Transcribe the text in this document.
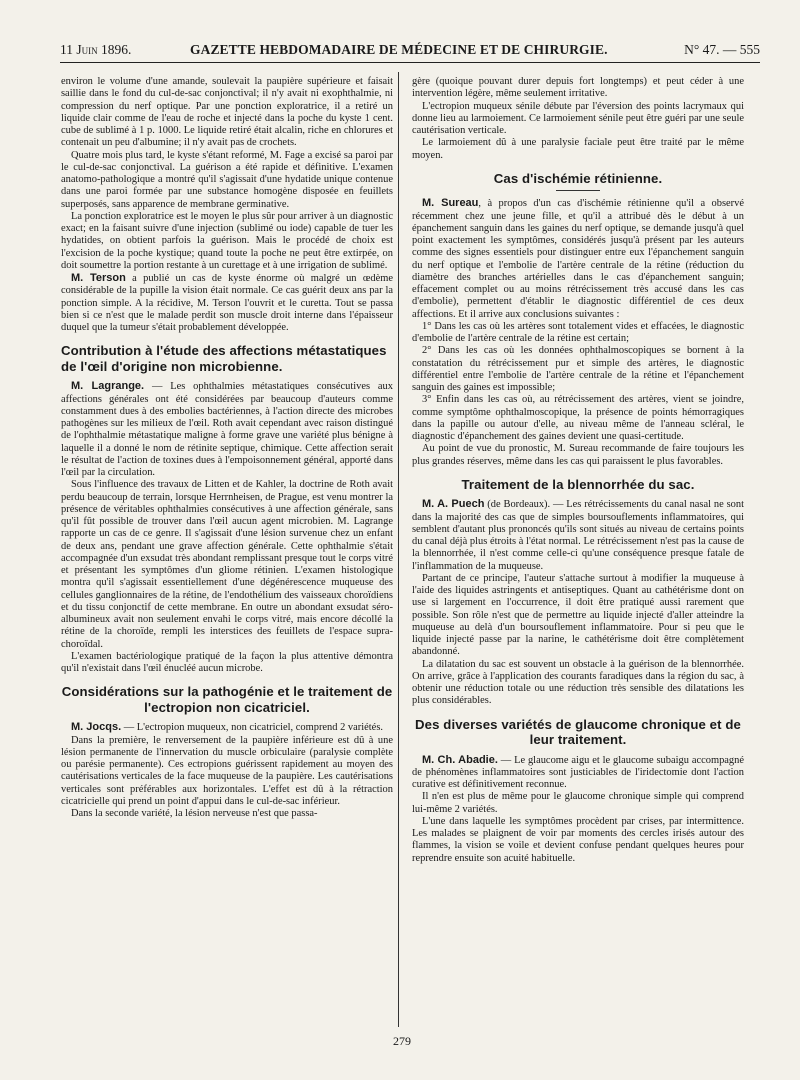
11 Juin 1896.	GAZETTE HEBDOMADAIRE DE MÉDECINE ET DE CHIRURGIE.	N° 47. — 555

environ le volume d'une amande, soulevait la paupière supérieure et faisait saillie dans le fond du cul-de-sac conjonctival; il n'y avait ni exophthalmie, ni compression du nerf optique. Par une ponction exploratrice, il a retiré un liquide clair comme de l'eau de roche et injecté dans la poche du kyste 1 cent. cube de sublimé à 1 p. 1000. Le liquide retiré était alcalin, riche en chlorures et contenait un peu d'albumine; il n'y avait pas de crochets.

Quatre mois plus tard, le kyste s'étant reformé, M. Fage a excisé sa paroi par le cul-de-sac conjonctival. La guérison a été rapide et définitive. L'examen anatomo-pathologique a montré qu'il s'agissait d'une hydatide unique contenue dans une paroi formée par une substance homogène disposée en feuillets superposés, sans apparence de membrane germinative.

La ponction exploratrice est le moyen le plus sûr pour arriver à un diagnostic exact; en la faisant suivre d'une injection (sublimé ou iode) capable de tuer les hydatides, on obtient parfois la guérison. Mais le procédé de choix est l'excision de la poche kystique; quand toute la poche ne peut être extirpée, on doit soumettre la portion restante à un curettage et à une irrigation de sublimé.

M. Terson a publié un cas de kyste énorme où malgré un œdème considérable de la pupille la vision était normale. Ce cas guérit deux ans par la ponction simple. A la récidive, M. Terson l'ouvrit et le curetta. Tout se passa bien si ce n'est que le malade perdit son muscle droit interne dans l'épaisseur duquel que la tumeur s'était probablement développée.

Contribution à l'étude des affections métastatiques de l'œil d'origine non microbienne.

M. Lagrange. — Les ophthalmies métastatiques consécutives aux affections générales ont été considérées par beaucoup d'auteurs comme constamment dues à des embolies bactériennes, à l'action directe des microbes pathogènes sur les milieux de l'œil. Roth avait cependant avec raison distingué de l'ophthalmie métastatique maligne à forme grave une variété plus bénigne à laquelle il a donné le nom de rétinite septique, chimique. Cette affection serait le résultat de l'action de toxines dues à l'empoisonnement général, apporté dans l'œil par la circulation.

Sous l'influence des travaux de Litten et de Kahler, la doctrine de Roth avait perdu beaucoup de terrain, lorsque Herrnheisen, de Prague, est venu montrer la présence de véritables ophthalmies consécutives à une affection générale, sans qu'il fût possible de trouver dans l'œil aucun agent microbien. M. Lagrange rapporte un cas de ce genre. Il s'agissait d'une lésion survenue chez un enfant de deux ans, pendant une grave affection générale. Cette ophthalmie s'était accompagnée d'un exsudat très abondant remplissant presque tout le corps vitré et présentant les symptômes d'un gliome rétinien. L'examen histologique montra qu'il s'agissait essentiellement d'une dégénérescence muqueuse des cellules ganglionnaires de la rétine, de l'endothélium des vaisseaux choroïdiens et du tissu conjonctif de cette membrane. En outre un abondant exsudat séro-albumineux avait non seulement envahi le corps vitré, mais encore décollé la rétine de la choroïde, rempli les interstices des feuillets de l'espace supra-choroïdal.

L'examen bactériologique pratiqué de la façon la plus attentive démontra qu'il n'existait dans l'œil énucléé aucun microbe.

Considérations sur la pathogénie et le traitement de l'ectropion non cicatriciel.

M. Jocqs. — L'ectropion muqueux, non cicatriciel, comprend 2 variétés.

Dans la première, le renversement de la paupière inférieure est dû à une lésion permanente de l'innervation du muscle orbiculaire (paralysie complète ou parésie permanente). Ces ectropions guérissent rapidement au moyen des cautérisations verticales de la face muqueuse de la paupière. Les cautérisations verticales sont préférables aux horizontales. L'effet est dû à la rétraction cicatricielle qui prend un point d'appui dans le cul-de-sac inférieur.

Dans la seconde variété, la lésion nerveuse n'est que passa-

gère (quoique pouvant durer depuis fort longtemps) et peut céder à une intervention légère, même seulement irritative.

L'ectropion muqueux sénile débute par l'éversion des points lacrymaux qui donne lieu au larmoiement. Ce larmoiement sénile peut être guéri par une seule cautérisation verticale.

Le larmoiement dû à une paralysie faciale peut être traité par le même moyen.

Cas d'ischémie rétinienne.

M. Sureau, à propos d'un cas d'ischémie rétinienne qu'il a observé récemment chez une jeune fille, et qu'il a attribué dès le début à un épanchement sanguin dans les gaines du nerf optique, se demande jusqu'à quel point exactement les symptômes, considérés jusqu'à présent par les auteurs comme des signes essentiels pour distinguer entre eux l'épanchement sanguin du nerf optique et l'embolie de l'artère centrale de la rétine (réduction du diamètre des branches artérielles dans le cas d'épanchement sanguin; effacement complet ou au moins rétrécissement très accusé dans les cas d'embolie), permettent d'établir le diagnostic différentiel de ces deux affections. Et il arrive aux conclusions suivantes :

1° Dans les cas où les artères sont totalement vides et effacées, le diagnostic d'embolie de l'artère centrale de la rétine est certain;

2° Dans les cas où les données ophthalmoscopiques se bornent à la constatation du rétrécissement pur et simple des artères, le diagnostic différentiel entre l'embolie de l'artère centrale de la rétine et l'épanchement sanguin des gaines est impossible;

3° Enfin dans les cas où, au rétrécissement des artères, vient se joindre, comme symptôme ophthalmoscopique, la présence de points hémorragiques dans la papille ou autour d'elle, au niveau même de l'anneau scléral, le diagnostic d'épanchement des gaines devient une quasi-certitude.

Au point de vue du pronostic, M. Sureau recommande de faire toujours les plus grandes réserves, même dans les cas qui paraissent le plus favorables.

Traitement de la blennorrhée du sac.

M. A. Puech (de Bordeaux). — Les rétrécissements du canal nasal ne sont dans la majorité des cas que de simples boursouflements inflammatoires, qui semblent d'autant plus prononcés qu'ils sont situés au niveau de certains points du canal déjà plus étroits à l'état normal. Le rétrécissement n'est pas la cause de la blennorrhée, il n'est comme celle-ci qu'une conséquence presque fatale de l'inflammation de la muqueuse.

Partant de ce principe, l'auteur s'attache surtout à modifier la muqueuse à l'aide des liquides astringents et antiseptiques. Quant au cathétérisme dont on use si largement en l'occurrence, il doit être pratiqué aussi rarement que possible. Son rôle n'est que de permettre au liquide injecté d'aller atteindre la muqueuse au delà d'un boursouflement inflammatoire. Pour si peu que le liquide injecté passe par la narine, le cathétérisme doit être complètement abandonné.

La dilatation du sac est souvent un obstacle à la guérison de la blennorrhée. On arrive, grâce à l'application des courants faradiques dans la région du sac, à obtenir une réduction totale ou une réduction très sensible des dilatations les plus considérables.

Des diverses variétés de glaucome chronique et de leur traitement.

M. Ch. Abadie. — Le glaucome aigu et le glaucome subaigu accompagné de phénomènes inflammatoires sont justiciables de l'iridectomie dont l'action curative est définitivement reconnue.

Il n'en est plus de même pour le glaucome chronique simple qui comprend lui-même 2 variétés.

L'une dans laquelle les symptômes procèdent par crises, par intermittence. Les malades se plaignent de voir par moments des cercles irisés autour des flammes, la vision se voile et devient confuse pendant quelques heures pour reprendre ensuite son acuité habituelle.

279
